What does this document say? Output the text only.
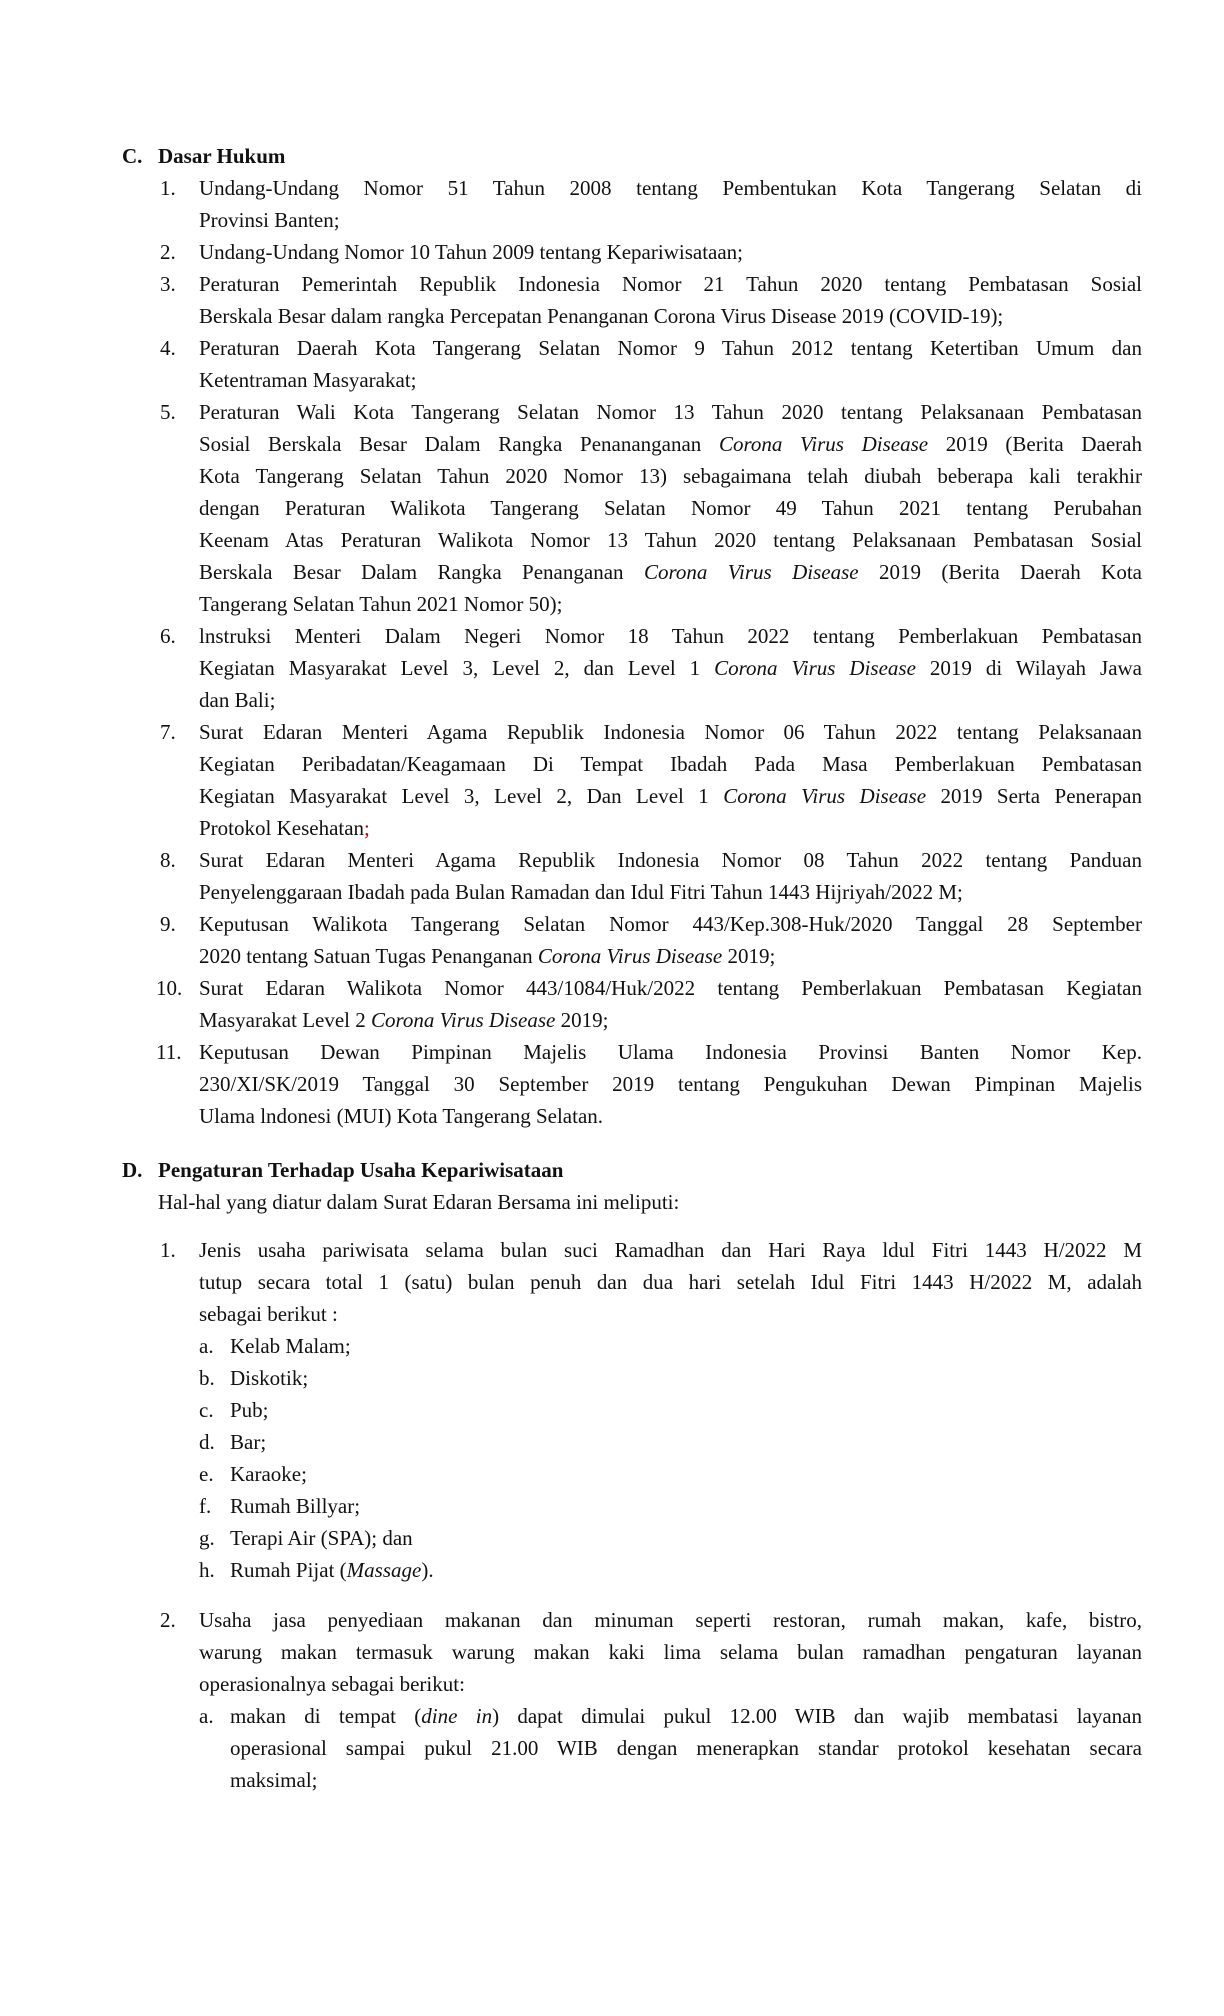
C. Dasar Hukum
1. Undang-Undang Nomor 51 Tahun 2008 tentang Pembentukan Kota Tangerang Selatan di
Provinsi Banten;
2. Undang-Undang Nomor 10 Tahun 2009 tentang Kepariwisataan;
3. Peraturan Pemerintah Republik Indonesia Nomor 21 Tahun 2020 tentang Pembatasan Sosial
Berskala Besar dalam rangka Percepatan Penanganan Corona Virus Disease 2019 (COVID-19);
4. Peraturan Daerah Kota Tangerang Selatan Nomor 9 Tahun 2012 tentang Ketertiban Umum dan
Ketentraman Masyarakat;
5. Peraturan Wali Kota Tangerang Selatan Nomor 13 Tahun 2020 tentang Pelaksanaan Pembatasan
Sosial Berskala Besar Dalam Rangka Penananganan Corona Virus Disease 2019 (Berita Daerah
Kota Tangerang Selatan Tahun 2020 Nomor 13) sebagaimana telah diubah beberapa kali terakhir
dengan Peraturan Walikota Tangerang Selatan Nomor 49 Tahun 2021 tentang Perubahan
Keenam Atas Peraturan Walikota Nomor 13 Tahun 2020 tentang Pelaksanaan Pembatasan Sosial
Berskala Besar Dalam Rangka Penanganan Corona Virus Disease 2019 (Berita Daerah Kota
Tangerang Selatan Tahun 2021 Nomor 50);
6. lnstruksi Menteri Dalam Negeri Nomor 18 Tahun 2022 tentang Pemberlakuan Pembatasan
Kegiatan Masyarakat Level 3, Level 2, dan Level 1 Corona Virus Disease 2019 di Wilayah Jawa
dan Bali;
7. Surat Edaran Menteri Agama Republik Indonesia Nomor 06 Tahun 2022 tentang Pelaksanaan
Kegiatan Peribadatan/Keagamaan Di Tempat Ibadah Pada Masa Pemberlakuan Pembatasan
Kegiatan Masyarakat Level 3, Level 2, Dan Level 1 Corona Virus Disease 2019 Serta Penerapan
Protokol Kesehatan;
8. Surat Edaran Menteri Agama Republik Indonesia Nomor 08 Tahun 2022 tentang Panduan
Penyelenggaraan Ibadah pada Bulan Ramadan dan Idul Fitri Tahun 1443 Hijriyah/2022 M;
9. Keputusan Walikota Tangerang Selatan Nomor 443/Kep.308-Huk/2020 Tanggal 28 September
2020 tentang Satuan Tugas Penanganan Corona Virus Disease 2019;
10. Surat Edaran Walikota Nomor 443/1084/Huk/2022 tentang Pemberlakuan Pembatasan Kegiatan
Masyarakat Level 2 Corona Virus Disease 2019;
11. Keputusan Dewan Pimpinan Majelis Ulama Indonesia Provinsi Banten Nomor Kep.
230/XI/SK/2019 Tanggal 30 September 2019 tentang Pengukuhan Dewan Pimpinan Majelis
Ulama lndonesi (MUI) Kota Tangerang Selatan.
D. Pengaturan Terhadap Usaha Kepariwisataan
Hal-hal yang diatur dalam Surat Edaran Bersama ini meliputi:
1. Jenis usaha pariwisata selama bulan suci Ramadhan dan Hari Raya ldul Fitri 1443 H/2022 M
tutup secara total 1 (satu) bulan penuh dan dua hari setelah Idul Fitri 1443 H/2022 M, adalah
sebagai berikut :
a. Kelab Malam;
b. Diskotik;
c. Pub;
d. Bar;
e. Karaoke;
f. Rumah Billyar;
g. Terapi Air (SPA); dan
h. Rumah Pijat (Massage).
2. Usaha jasa penyediaan makanan dan minuman seperti restoran, rumah makan, kafe, bistro,
warung makan termasuk warung makan kaki lima selama bulan ramadhan pengaturan layanan
operasionalnya sebagai berikut:
a. makan di tempat (dine in) dapat dimulai pukul 12.00 WIB dan wajib membatasi layanan
operasional sampai pukul 21.00 WIB dengan menerapkan standar protokol kesehatan secara
maksimal;
